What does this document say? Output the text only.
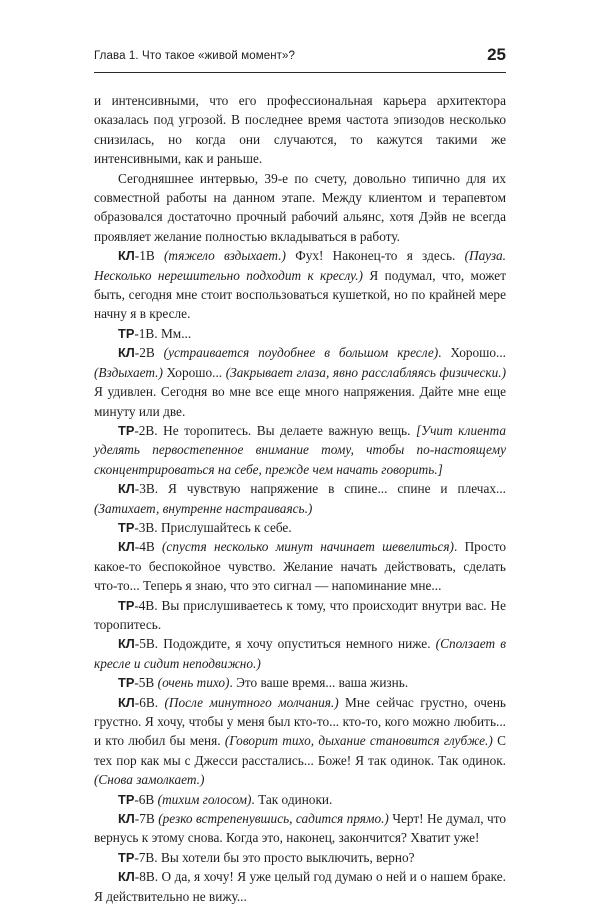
Глава 1. Что такое «живой момент»?	25

и интенсивными, что его профессиональная карьера архитектора оказалась под угрозой. В последнее время частота эпизодов несколько снизилась, но когда они случаются, то кажутся такими же интенсивными, как и раньше.

Сегодняшнее интервью, 39-е по счету, довольно типично для их совместной работы на данном этапе. Между клиентом и терапевтом образовался достаточно прочный рабочий альянс, хотя Дэйв не всегда проявляет желание полностью вкладываться в работу.

КЛ-1В (тяжело вздыхает.) Фух! Наконец-то я здесь. (Пауза. Несколько нерешительно подходит к креслу.) Я подумал, что, может быть, сегодня мне стоит воспользоваться кушеткой, но по крайней мере начну я в кресле.

ТР-1В. Мм...

КЛ-2В (устраивается поудобнее в большом кресле). Хорошо... (Вздыхает.) Хорошо... (Закрывает глаза, явно расслабляясь физически.) Я удивлен. Сегодня во мне все еще много напряжения. Дайте мне еще минуту или две.

ТР-2В. Не торопитесь. Вы делаете важную вещь. [Учит клиента уделять первостепенное внимание тому, чтобы по-настоящему сконцентрироваться на себе, прежде чем начать говорить.]

КЛ-3В. Я чувствую напряжение в спине... спине и плечах... (Затихает, внутренне настраиваясь.)

ТР-3В. Прислушайтесь к себе.

КЛ-4В (спустя несколько минут начинает шевелиться). Просто какое-то беспокойное чувство. Желание начать действовать, сделать что-то... Теперь я знаю, что это сигнал — напоминание мне...

ТР-4В. Вы прислушиваетесь к тому, что происходит внутри вас. Не торопитесь.

КЛ-5В. Подождите, я хочу опуститься немного ниже. (Сползает в кресле и сидит неподвижно.)

ТР-5В (очень тихо). Это ваше время... ваша жизнь.

КЛ-6В. (После минутного молчания.) Мне сейчас грустно, очень грустно. Я хочу, чтобы у меня был кто-то... кто-то, кого можно любить... и кто любил бы меня. (Говорит тихо, дыхание становится глубже.) С тех пор как мы с Джесси расстались... Боже! Я так одинок. Так одинок. (Снова замолкает.)

ТР-6В (тихим голосом). Так одиноки.

КЛ-7В (резко встрепенувшись, садится прямо.) Черт! Не думал, что вернусь к этому снова. Когда это, наконец, закончится? Хватит уже!

ТР-7В. Вы хотели бы это просто выключить, верно?

КЛ-8В. О да, я хочу! Я уже целый год думаю о ней и о нашем браке. Я действительно не вижу...
